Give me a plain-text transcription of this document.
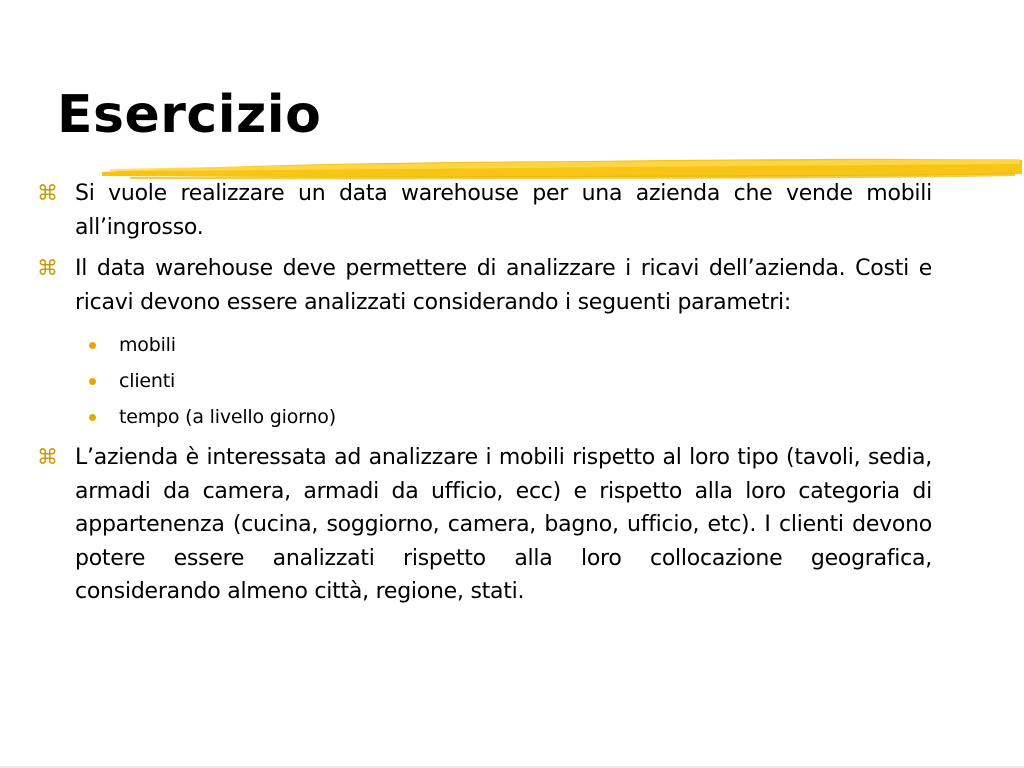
Esercizio
⌘ Si vuole realizzare un data warehouse per una azienda che vende mobili all’ingrosso.
⌘ Il data warehouse deve permettere di analizzare i ricavi dell’azienda. Costi e ricavi devono essere analizzati considerando i seguenti parametri:
mobili
clienti
tempo (a livello giorno)
⌘ L’azienda è interessata ad analizzare i mobili rispetto al loro tipo (tavoli, sedia, armadi da camera, armadi da ufficio, ecc) e rispetto alla loro categoria di appartenenza (cucina, soggiorno, camera, bagno, ufficio, etc). I clienti devono potere essere analizzati rispetto alla loro collocazione geografica, considerando almeno città, regione, stati.
